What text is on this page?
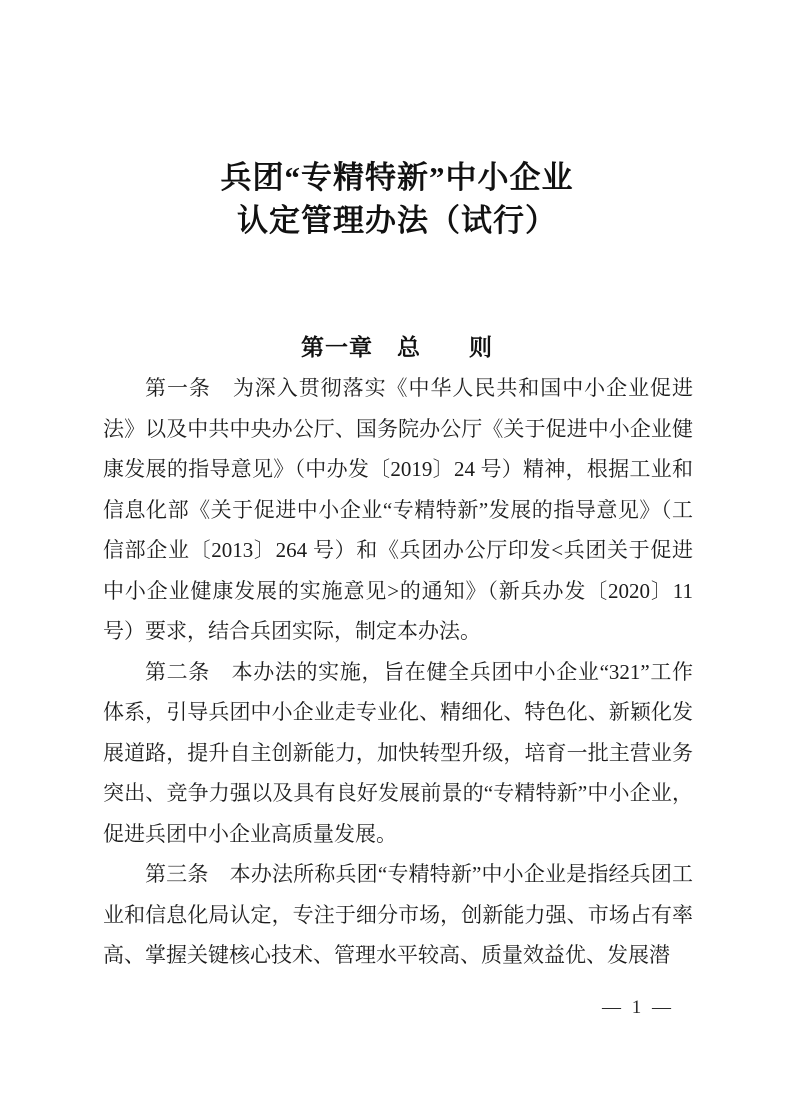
兵团“专精特新”中小企业
认定管理办法（试行）
第一章　总　　则

第一条　为深入贯彻落实《中华人民共和国中小企业促进法》以及中共中央办公厅、国务院办公厅《关于促进中小企业健康发展的指导意见》（中办发〔2019〕24 号）精神，根据工业和信息化部《关于促进中小企业“专精特新”发展的指导意见》（工信部企业〔2013〕264 号）和《兵团办公厅印发<兵团关于促进中小企业健康发展的实施意见>的通知》（新兵办发〔2020〕11 号）要求，结合兵团实际，制定本办法。

第二条　本办法的实施，旨在健全兵团中小企业“321”工作体系，引导兵团中小企业走专业化、精细化、特色化、新颖化发展道路，提升自主创新能力，加快转型升级，培育一批主营业务突出、竞争力强以及具有良好发展前景的“专精特新”中小企业，促进兵团中小企业高质量发展。

第三条　本办法所称兵团“专精特新”中小企业是指经兵团工业和信息化局认定，专注于细分市场，创新能力强、市场占有率高、掌握关键核心技术、管理水平较高、质量效益优、发展潜

— 1 —
